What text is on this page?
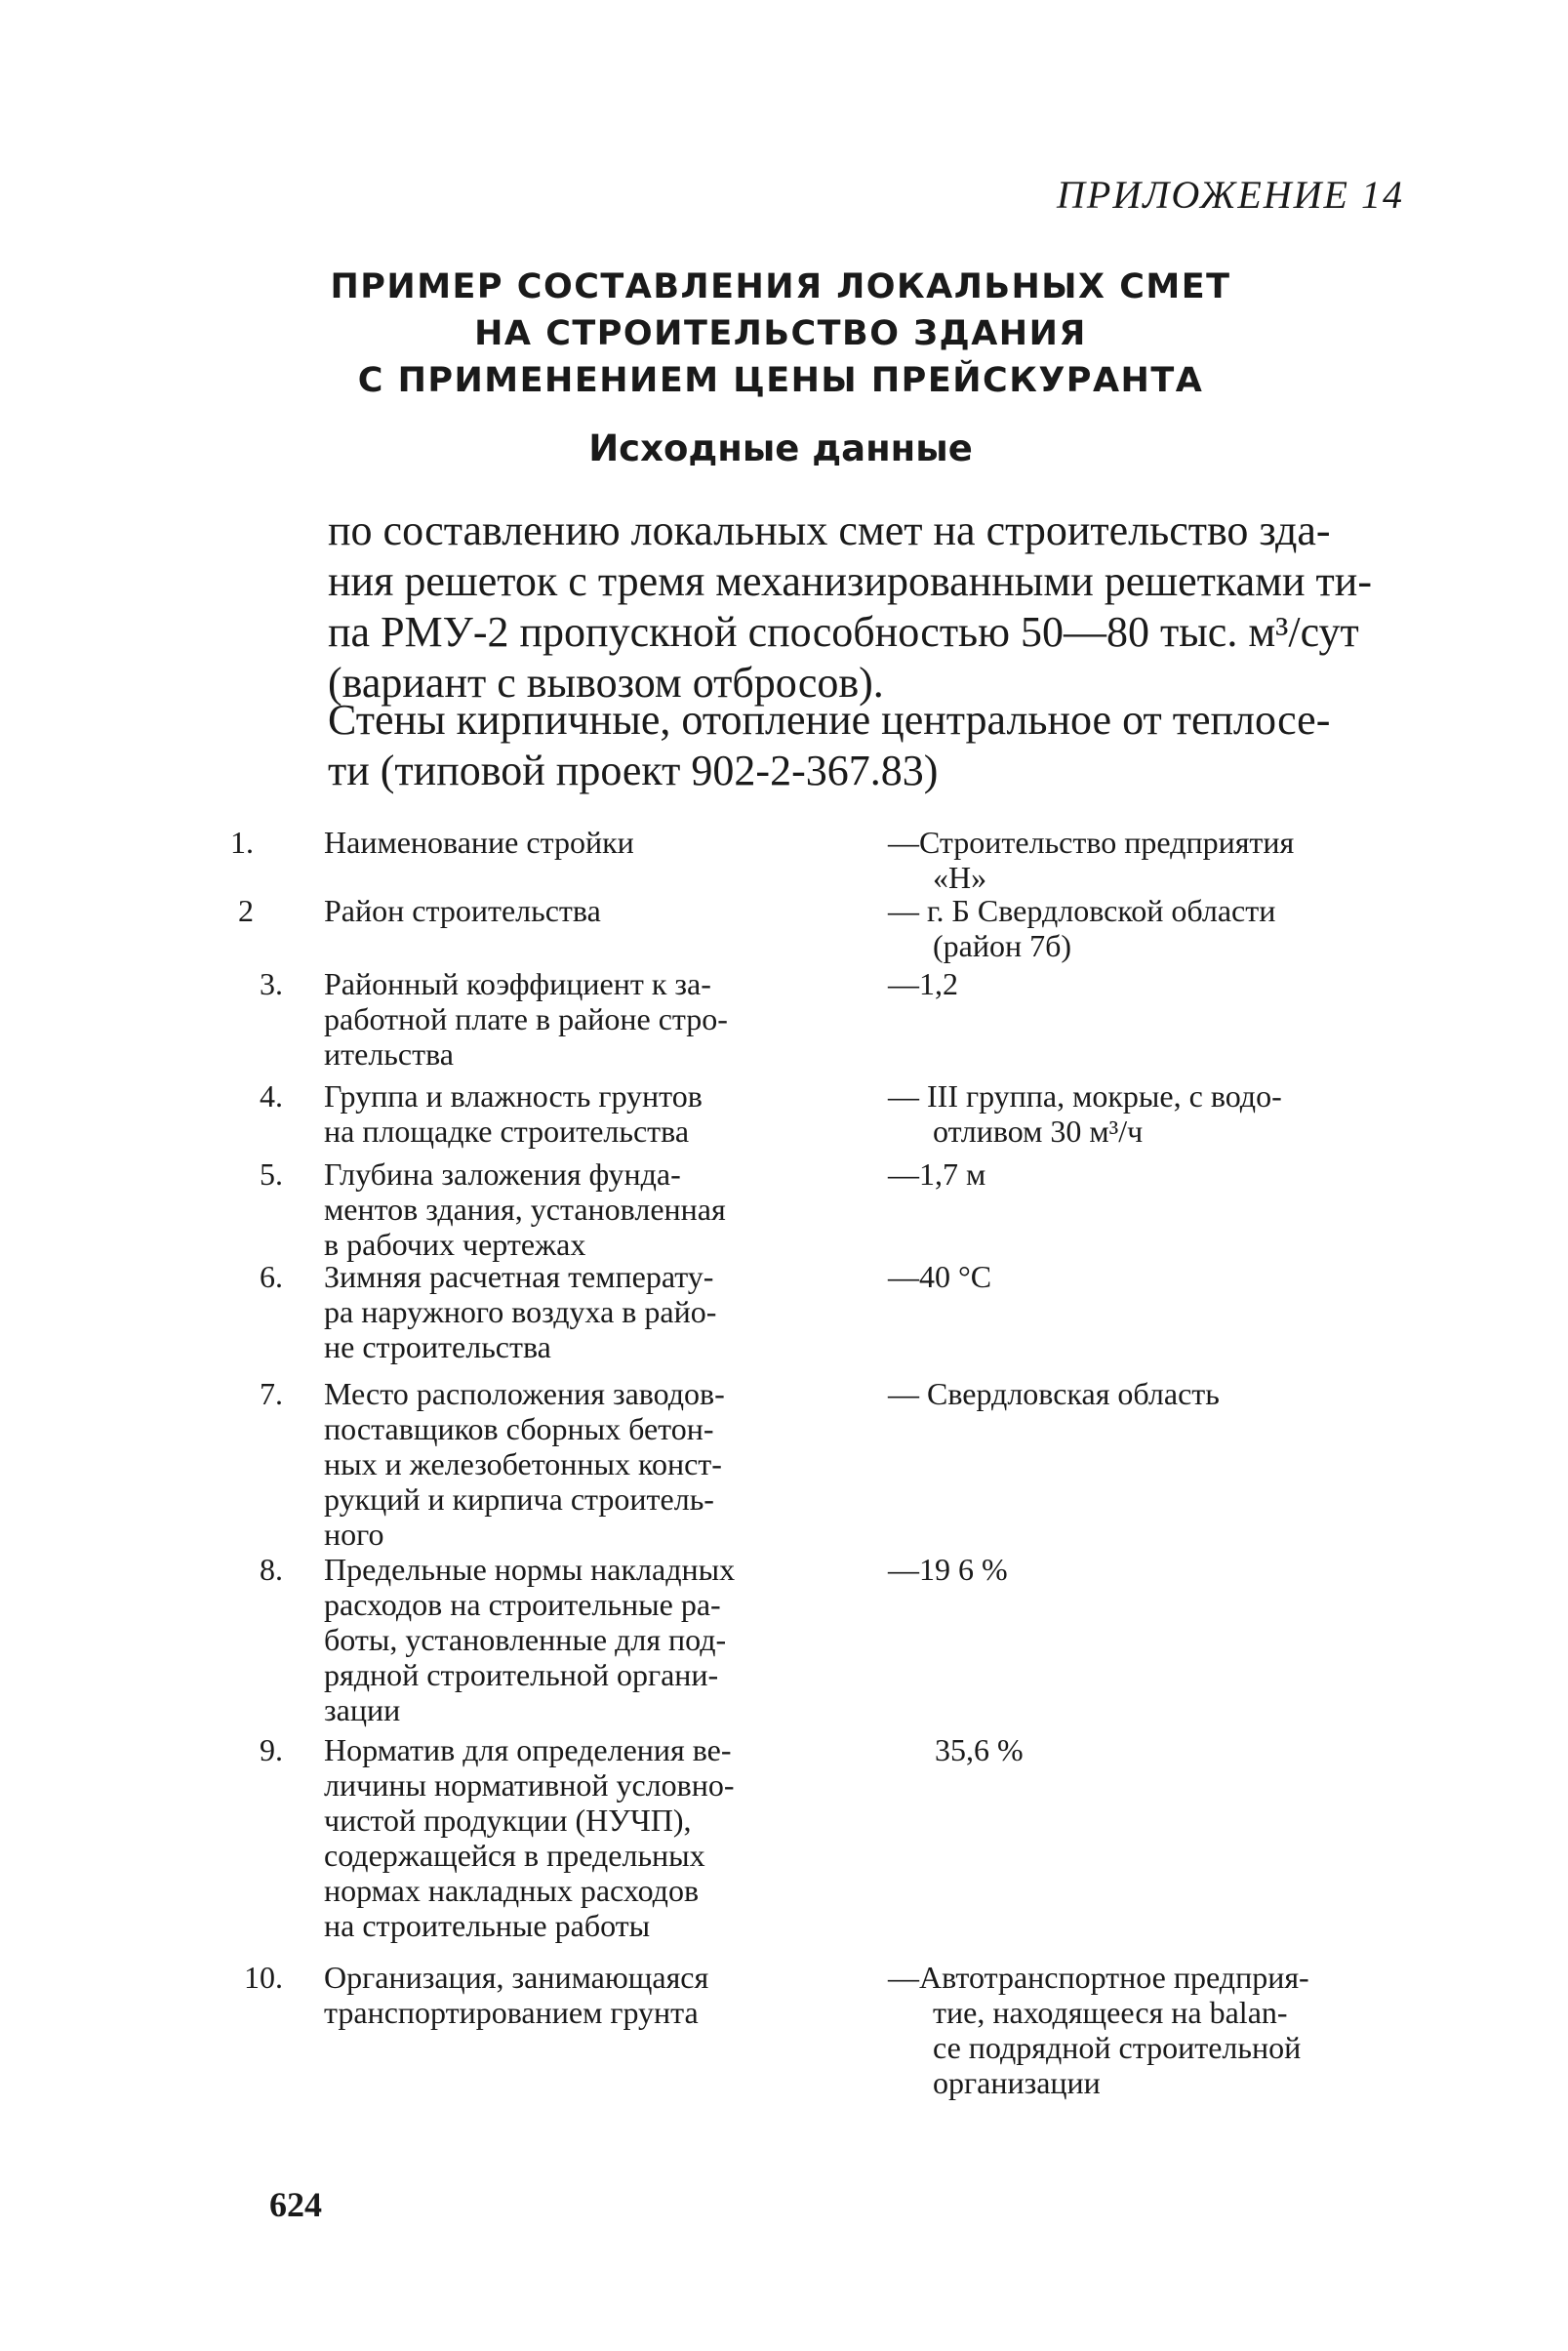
ПРИЛОЖЕНИЕ 14
ПРИМЕР СОСТАВЛЕНИЯ ЛОКАЛЬНЫХ СМЕТ
НА СТРОИТЕЛЬСТВО ЗДАНИЯ
С ПРИМЕНЕНИЕМ ЦЕНЫ ПРЕЙСКУРАНТА
Исходные данные

по составлению локальных смет на строительство зда-
ния решеток с тремя механизированными решетками ти-
па РМУ-2 пропускной способностью 50—80 тыс. м³/сут
(вариант с вывозом отбросов).

Стены кирпичные, отопление центральное от теплосе-
ти (типовой проект 902-2-367.83)

1. Наименование стройки	—Строительство предприятия
«Н»
2 Район строительства	— г. Б Свердловской области
(район 7б)
3. Районный коэффициент к за-
работной плате в районе стро-
ительства
—1,2
4. Группа и влажность грунтов
на площадке строительства
— III группа, мокрые, с водо-
отливом 30 м³/ч
5. Глубина заложения фунда-
ментов здания, установленная
в рабочих чертежах
—1,7 м
6. Зимняя расчетная температу-
ра наружного воздуха в райо-
не строительства
—40 °С
7. Место расположения заводов-
поставщиков сборных бетон-
ных и железобетонных конст-
рукций и кирпича строитель-
ного
— Свердловская область
8. Предельные нормы накладных
расходов на строительные ра-
боты, установленные для под-
рядной строительной органи-
зации
—19 6 %
9. Норматив для определения ве-
личины нормативной условно-
чистой продукции (НУЧП),
содержащейся в предельных
нормах накладных расходов
на строительные работы
35,6 %
10. Организация, занимающаяся
транспортированием грунта
—Автотранспортное предприя-
тие, находящееся на balan-
се подрядной строительной
организации
624
